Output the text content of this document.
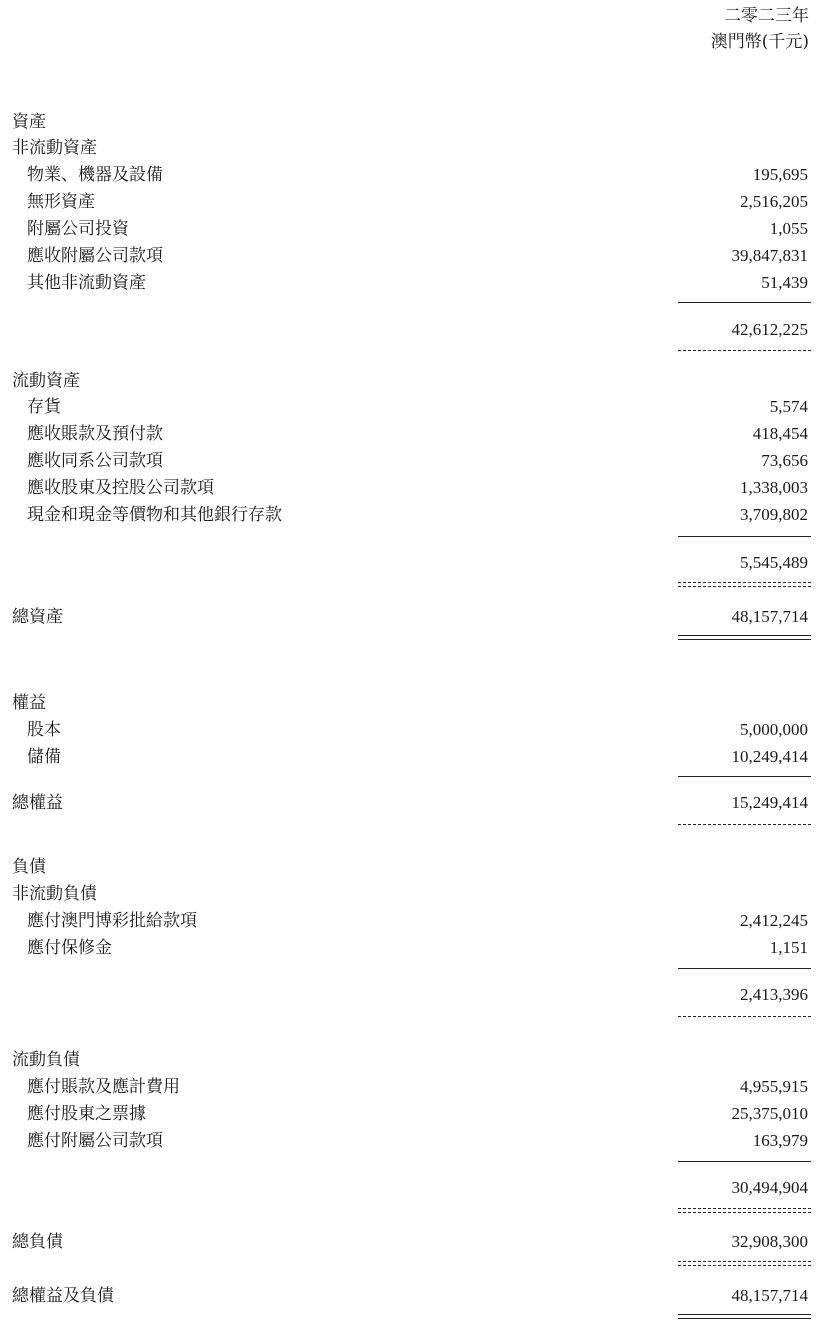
二零二三年
澳門幣(千元)
資產
非流動資產
物業、機器及設備	195,695
無形資產	2,516,205
附屬公司投資	1,055
應收附屬公司款項	39,847,831
其他非流動資產	51,439
42,612,225
流動資產
存貨	5,574
應收賬款及預付款	418,454
應收同系公司款項	73,656
應收股東及控股公司款項	1,338,003
現金和現金等價物和其他銀行存款	3,709,802
5,545,489
總資產	48,157,714
權益
股本	5,000,000
儲備	10,249,414
總權益	15,249,414
負債
非流動負債
應付澳門博彩批給款項	2,412,245
應付保修金	1,151
2,413,396
流動負債
應付賬款及應計費用	4,955,915
應付股東之票據	25,375,010
應付附屬公司款項	163,979
30,494,904
總負債	32,908,300
總權益及負債	48,157,714
